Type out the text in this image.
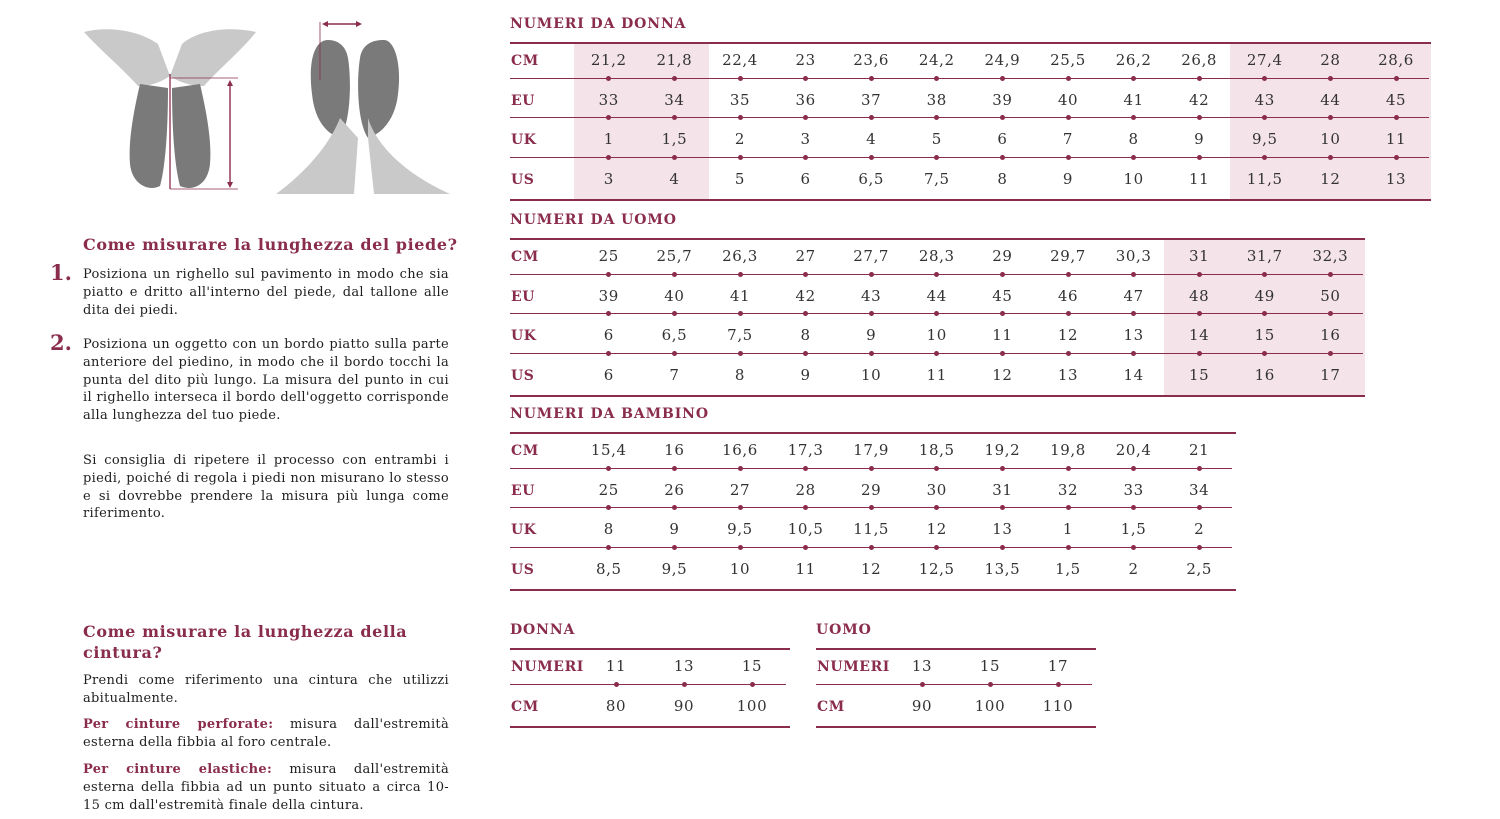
Come misurare la lunghezza del piede?
1. Posiziona un righello sul pavimento in modo che sia piatto e dritto all'interno del piede, dal tallone alle dita dei piedi.

2. Posiziona un oggetto con un bordo piatto sulla parte anteriore del piedino, in modo che il bordo tocchi la punta del dito più lungo. La misura del punto in cui il righello interseca il bordo dell'oggetto corrisponde alla lunghezza del tuo piede.

Si consiglia di ripetere il processo con entrambi i piedi, poiché di regola i piedi non misurano lo stesso e si dovrebbe prendere la misura più lunga come riferimento.

Come misurare la lunghezza della cintura?

Prendi come riferimento una cintura che utilizzi abitualmente.

Per cinture perforate: misura dall'estremità esterna della fibbia al foro centrale.

Per cinture elastiche: misura dall'estremità esterna della fibbia ad un punto situato a circa 10-15 cm dall'estremità finale della cintura.

NUMERI DA DONNA
CM	21,2	21,8	22,4	23	23,6	24,2	24,9	25,5	26,2	26,8	27,4	28	28,6
EU	33	34	35	36	37	38	39	40	41	42	43	44	45
UK	1	1,5	2	3	4	5	6	7	8	9	9,5	10	11
US	3	4	5	6	6,5	7,5	8	9	10	11	11,5	12	13
NUMERI DA UOMO
CM	25	25,7	26,3	27	27,7	28,3	29	29,7	30,3	31	31,7	32,3
EU	39	40	41	42	43	44	45	46	47	48	49	50
UK	6	6,5	7,5	8	9	10	11	12	13	14	15	16
US	6	7	8	9	10	11	12	13	14	15	16	17
NUMERI DA BAMBINO
CM	15,4	16	16,6	17,3	17,9	18,5	19,2	19,8	20,4	21
EU	25	26	27	28	29	30	31	32	33	34
UK	8	9	9,5	10,5	11,5	12	13	1	1,5	2
US	8,5	9,5	10	11	12	12,5	13,5	1,5	2	2,5
DONNA
NUMERI	11	13	15
CM	80	90	100
UOMO
NUMERI	13	15	17
CM	90	100	110
